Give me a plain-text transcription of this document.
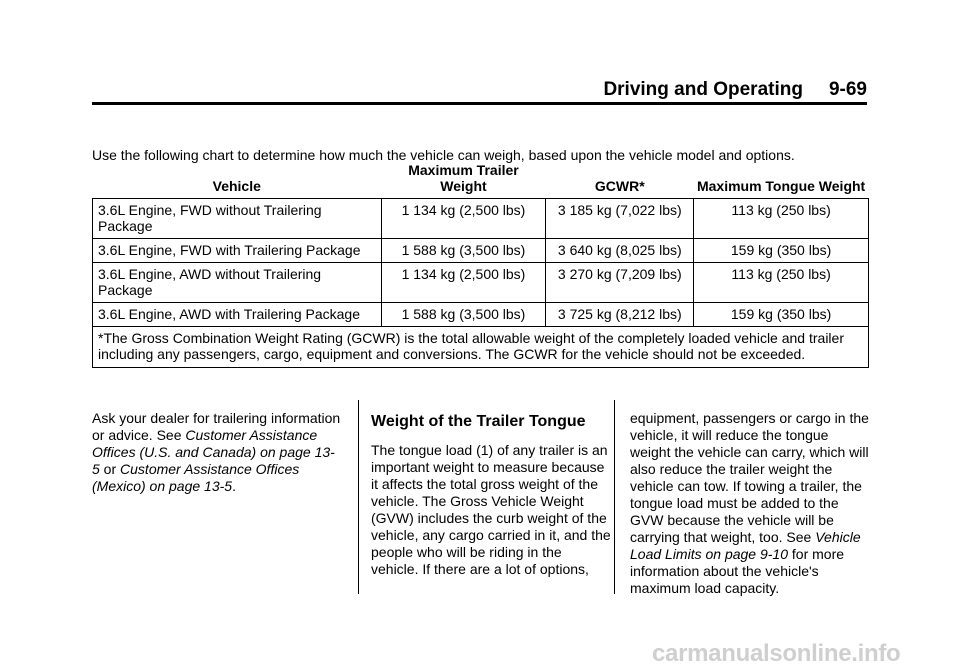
Driving and Operating 9-69
Use the following chart to determine how much the vehicle can weigh, based upon the vehicle model and options.
Vehicle	Maximum Trailer Weight	GCWR*	Maximum Tongue Weight
3.6L Engine, FWD without Trailering Package	1 134 kg (2,500 lbs)	3 185 kg (7,022 lbs)	113 kg (250 lbs)
3.6L Engine, FWD with Trailering Package	1 588 kg (3,500 lbs)	3 640 kg (8,025 lbs)	159 kg (350 lbs)
3.6L Engine, AWD without Trailering Package	1 134 kg (2,500 lbs)	3 270 kg (7,209 lbs)	113 kg (250 lbs)
3.6L Engine, AWD with Trailering Package	1 588 kg (3,500 lbs)	3 725 kg (8,212 lbs)	159 kg (350 lbs)
*The Gross Combination Weight Rating (GCWR) is the total allowable weight of the completely loaded vehicle and trailer including any passengers, cargo, equipment and conversions. The GCWR for the vehicle should not be exceeded.			

Ask your dealer for trailering information or advice. See Customer Assistance Offices (U.S. and Canada) on page 13-5 or Customer Assistance Offices (Mexico) on page 13-5.

Weight of the Trailer Tongue

The tongue load (1) of any trailer is an important weight to measure because it affects the total gross weight of the vehicle. The Gross Vehicle Weight (GVW) includes the curb weight of the vehicle, any cargo carried in it, and the people who will be riding in the vehicle. If there are a lot of options,

equipment, passengers or cargo in the vehicle, it will reduce the tongue weight the vehicle can carry, which will also reduce the trailer weight the vehicle can tow. If towing a trailer, the tongue load must be added to the GVW because the vehicle will be carrying that weight, too. See Vehicle Load Limits on page 9-10 for more information about the vehicle's maximum load capacity.

carmanualsonline.info
